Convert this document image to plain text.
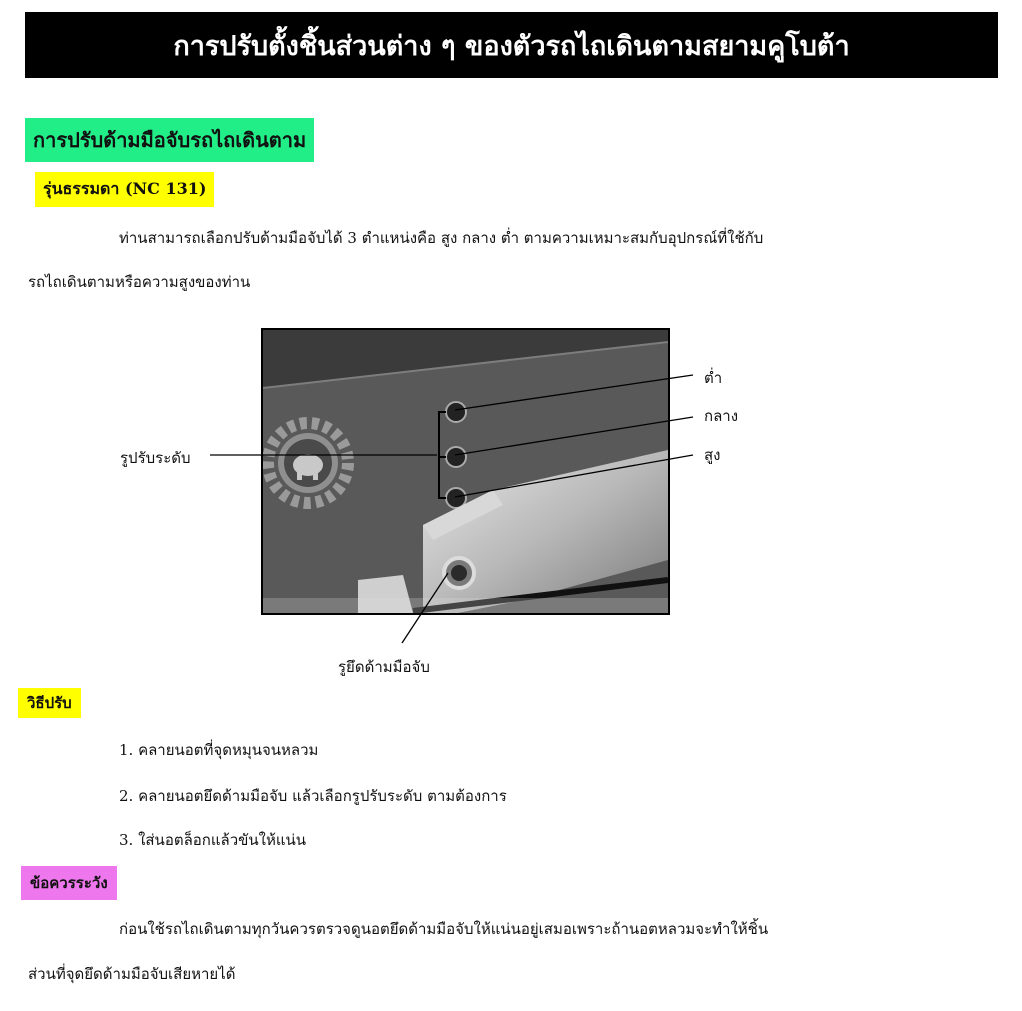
การปรับตั้งชิ้นส่วนต่าง ๆ ของตัวรถไถเดินตามสยามคูโบต้า
การปรับด้ามมือจับรถไถเดินตาม
รุ่นธรรมดา (NC 131)
ท่านสามารถเลือกปรับด้ามมือจับได้ 3 ตำแหน่งคือ สูง กลาง ต่ำ ตามความเหมาะสมกับอุปกรณ์ที่ใช้กับ
รถไถเดินตามหรือความสูงของท่าน
ต่ำ
กลาง
สูง
รูปรับระดับ
รูยึดด้ามมือจับ
วิธีปรับ
1. คลายนอตที่จุดหมุนจนหลวม
2. คลายนอตยึดด้ามมือจับ แล้วเลือกรูปรับระดับ ตามต้องการ
3. ใส่นอตล็อกแล้วขันให้แน่น
ข้อควรระวัง
ก่อนใช้รถไถเดินตามทุกวันควรตรวจดูนอตยึดด้ามมือจับให้แน่นอยู่เสมอเพราะถ้านอตหลวมจะทำให้ชิ้น
ส่วนที่จุดยึดด้ามมือจับเสียหายได้
